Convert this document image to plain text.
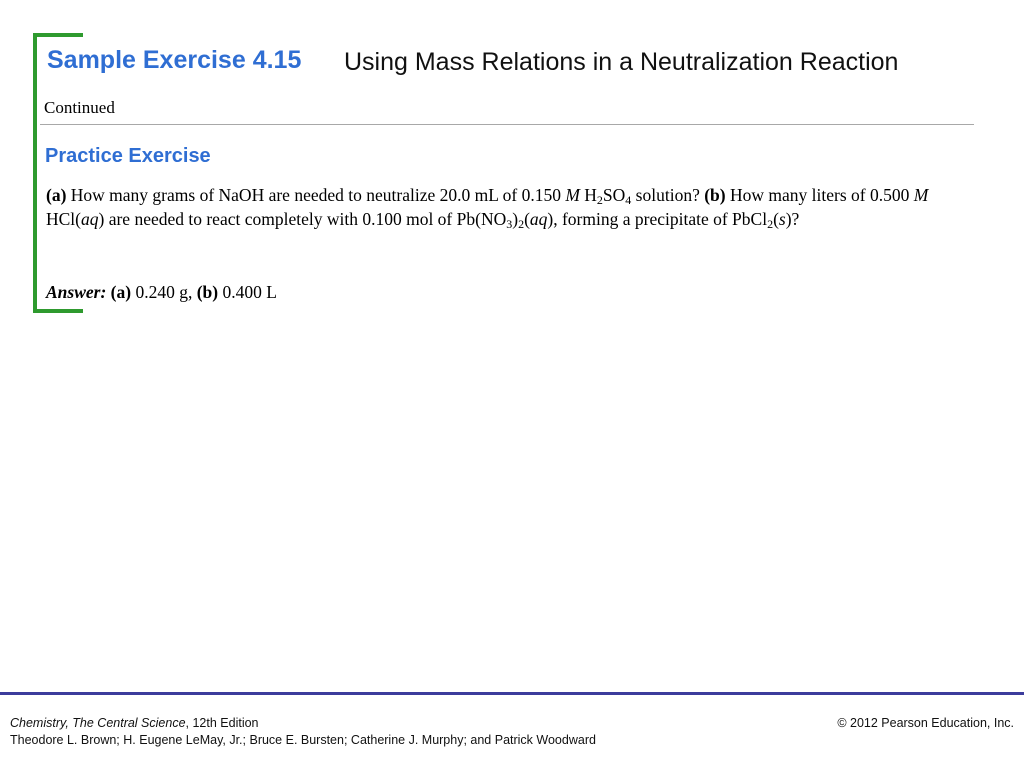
Sample Exercise 4.15 Using Mass Relations in a Neutralization Reaction
Continued
Practice Exercise
(a) How many grams of NaOH are needed to neutralize 20.0 mL of 0.150 M $H_2SO_4$ solution? (b) How many liters of 0.500 M HCl(aq) are needed to react completely with 0.100 mol of $Pb(NO_3)_2(aq)$, forming a precipitate of PbCl$_2$(s)?
Answer: (a) 0.240 g, (b) 0.400 L
Chemistry, The Central Science, 12th Edition
Theodore L. Brown; H. Eugene LeMay, Jr.; Bruce E. Bursten; Catherine J. Murphy; and Patrick Woodward
© 2012 Pearson Education, Inc.
